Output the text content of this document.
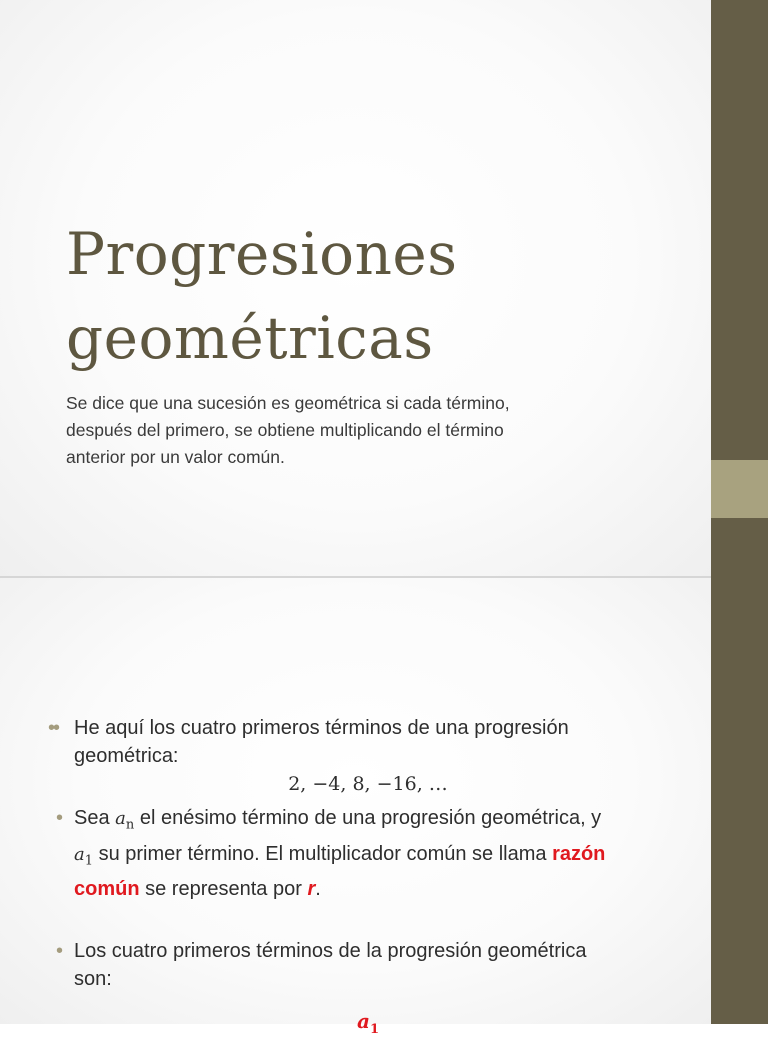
Progresiones
geométricas

Se dice que una sucesión es geométrica si cada término,
después del primero, se obtiene multiplicando el término
anterior por un valor común.

•• He aquí los cuatro primeros términos de una progresión
geométrica:
2, −4, 8, −16, …
• Sea $a_n$ el enésimo término de una progresión geométrica, y
$a_1$ su primer término. El multiplicador común se llama razón
común se representa por r.
• Los cuatro primeros términos de la progresión geométrica
son:
$a_1$
